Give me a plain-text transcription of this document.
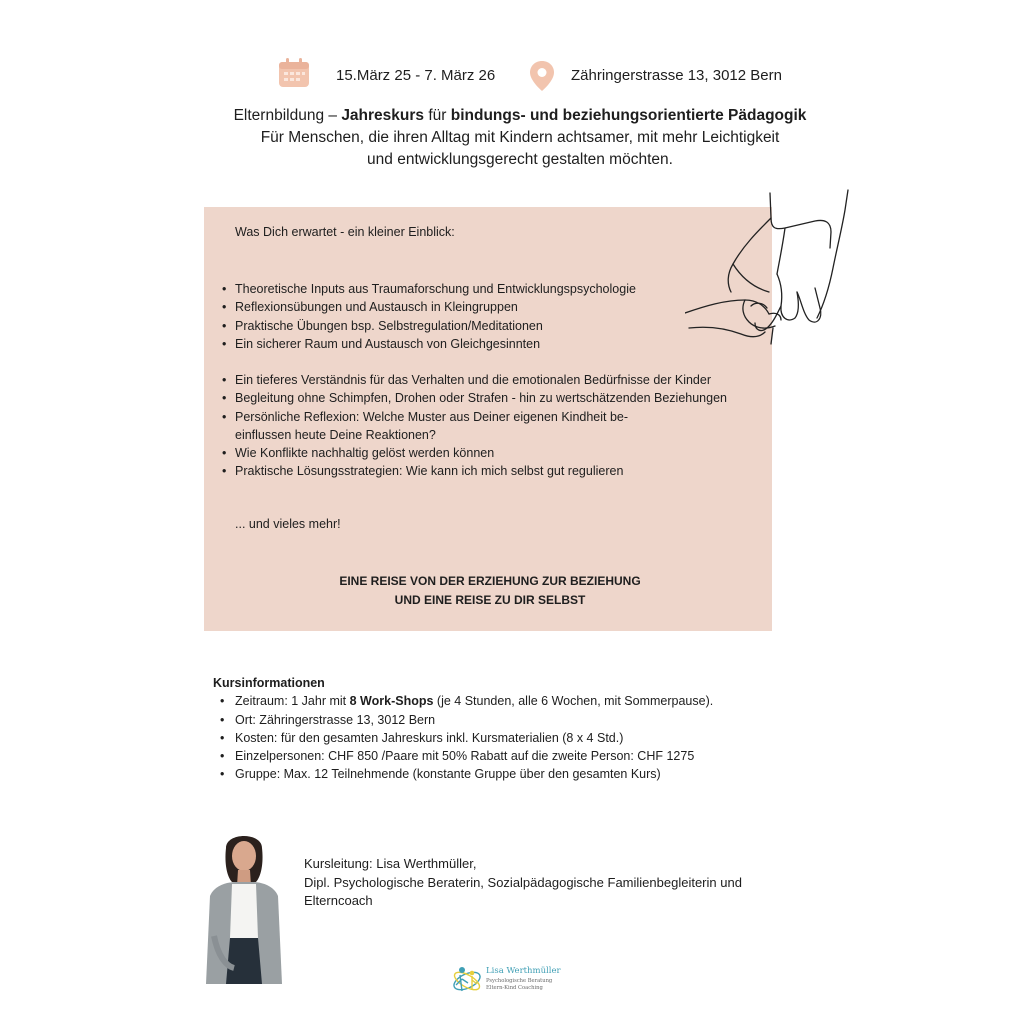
15.März 25 - 7. März 26	Zähringerstrasse 13, 3012 Bern
Elternbildung – Jahreskurs für bindungs- und beziehungsorientierte Pädagogik
Für Menschen, die ihren Alltag mit Kindern achtsamer, mit mehr Leichtigkeit
und entwicklungsgerecht gestalten möchten.
Was Dich erwartet - ein kleiner Einblick:
• Theoretische Inputs aus Traumaforschung und Entwicklungspsychologie
• Reflexionsübungen und Austausch in Kleingruppen
• Praktische Übungen bsp. Selbstregulation/Meditationen
• Ein sicherer Raum und Austausch von Gleichgesinnten
• Ein tieferes Verständnis für das Verhalten und die emotionalen Bedürfnisse der Kinder
• Begleitung ohne Schimpfen, Drohen oder Strafen - hin zu wertschätzenden Beziehungen
• Persönliche Reflexion: Welche Muster aus Deiner eigenen Kindheit be-einflussen heute Deine Reaktionen?
• Wie Konflikte nachhaltig gelöst werden können
• Praktische Lösungsstrategien: Wie kann ich mich selbst gut regulieren
... und vieles mehr!
EINE REISE VON DER ERZIEHUNG ZUR BEZIEHUNG
UND EINE REISE ZU DIR SELBST
Kursinformationen
• Zeitraum: 1 Jahr mit 8 Work-Shops (je 4 Stunden, alle 6 Wochen, mit Sommerpause).
• Ort: Zähringerstrasse 13, 3012 Bern
• Kosten: für den gesamten Jahreskurs inkl. Kursmaterialien (8 x 4 Std.)
• Einzelpersonen: CHF 850 /Paare mit 50% Rabatt auf die zweite Person: CHF 1275
• Gruppe: Max. 12 Teilnehmende (konstante Gruppe über den gesamten Kurs)
Kursleitung: Lisa Werthmüller,
Dipl. Psychologische Beraterin, Sozialpädagogische Familienbegleiterin und
Elterncoach
Lisa Werthmüller
Psychologische Beratung
Eltern-Kind Coaching
